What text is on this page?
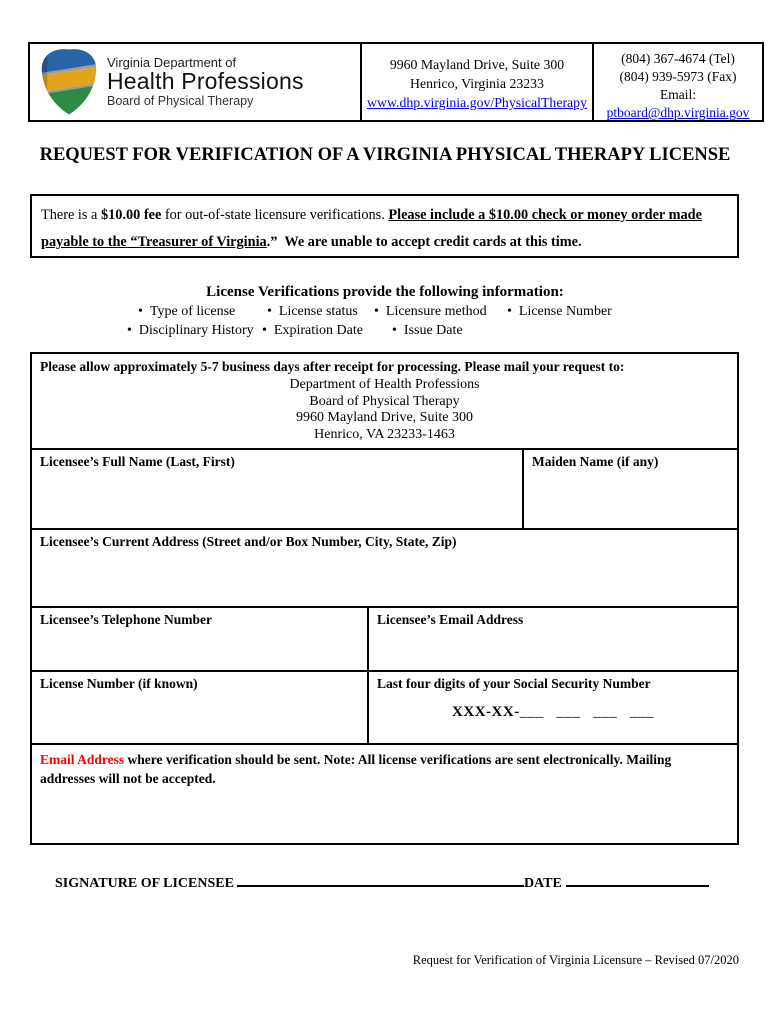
Virginia Department of
Health Professions
Board of Physical Therapy
9960 Mayland Drive, Suite 300
Henrico, Virginia 23233
www.dhp.virginia.gov/PhysicalTherapy
(804) 367-4674 (Tel)
(804) 939-5973 (Fax)
Email:
ptboard@dhp.virginia.gov
REQUEST FOR VERIFICATION OF A VIRGINIA PHYSICAL THERAPY LICENSE
There is a $10.00 fee for out-of-state licensure verifications. Please include a $10.00 check or money order made payable to the “Treasurer of Virginia.”  We are unable to accept credit cards at this time.
License Verifications provide the following information:
•  Type of license	•  License status	•  Licensure method	•  License Number
•  Disciplinary History	•  Expiration Date	•  Issue Date
Please allow approximately 5-7 business days after receipt for processing. Please mail your request to:
Department of Health Professions
Board of Physical Therapy
9960 Mayland Drive, Suite 300
Henrico, VA 23233-1463
Licensee’s Full Name (Last, First)	Maiden Name (if any)
Licensee’s Current Address (Street and/or Box Number, City, State, Zip)
Licensee’s Telephone Number	Licensee’s Email Address
License Number (if known)	Last four digits of your Social Security Number
XXX-XX-___   ___   ___   ___
Email Address where verification should be sent. Note: All license verifications are sent electronically. Mailing addresses will not be accepted.
SIGNATURE OF LICENSEE	DATE
Request for Verification of Virginia Licensure – Revised 07/2020
